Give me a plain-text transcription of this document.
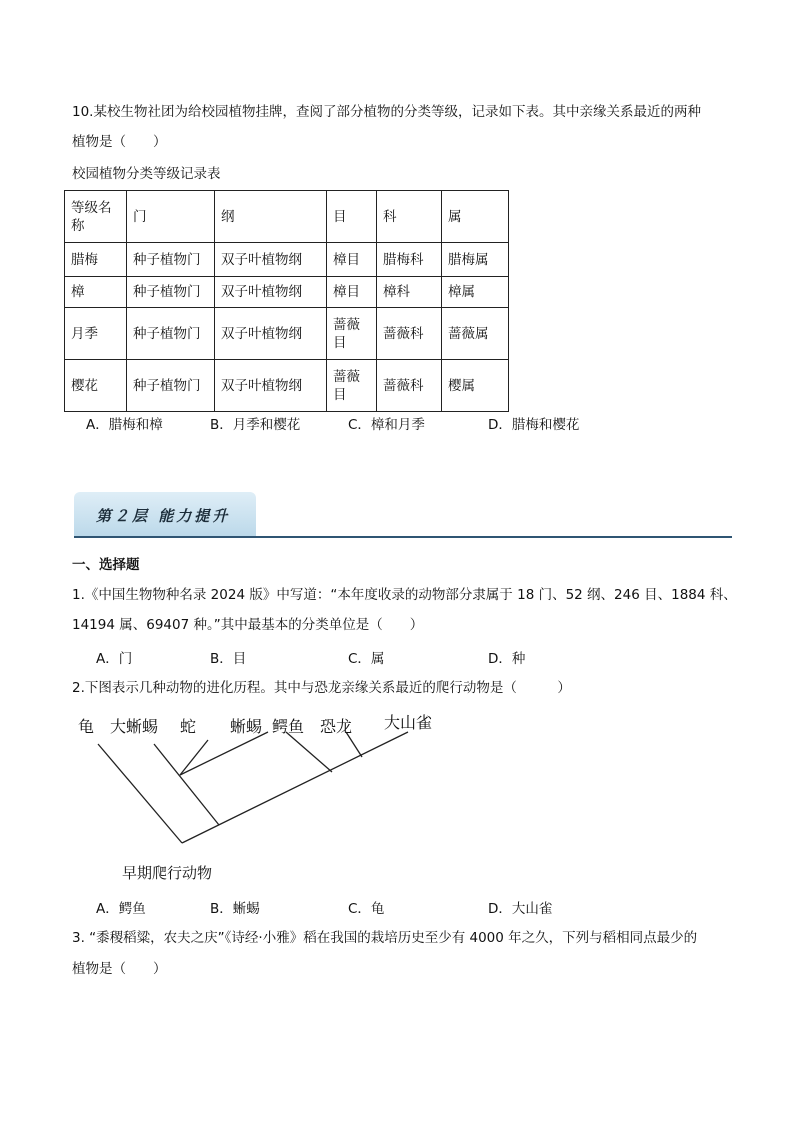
10.某校生物社团为给校园植物挂牌，查阅了部分植物的分类等级，记录如下表。其中亲缘关系最近的两种
植物是（　　）
校园植物分类等级记录表
等级名称	门	纲	目	科	属
腊梅	种子植物门	双子叶植物纲	樟目	腊梅科	腊梅属
樟	种子植物门	双子叶植物纲	樟目	樟科	樟属
月季	种子植物门	双子叶植物纲	蔷薇目	蔷薇科	蔷薇属
樱花	种子植物门	双子叶植物纲	蔷薇目	蔷薇科	樱属
A．腊梅和樟	B．月季和樱花	C．樟和月季	D．腊梅和樱花
第２层 能力提升
一、选择题
1.《中国生物物种名录 2024 版》中写道：“本年度收录的动物部分隶属于 18 门、52 纲、246 目、1884 科、
14194 属、69407 种。”其中最基本的分类单位是（　　）
A．门	B．目	C．属	D．种
2.下图表示几种动物的进化历程。其中与恐龙亲缘关系最近的爬行动物是（　　　）
龟 大蜥蜴 蛇 蜥蜴 鳄鱼 恐龙 大山雀
早期爬行动物
A．鳄鱼	B．蜥蜴	C．龟	D．大山雀
3. “黍稷稻粱，农夫之庆”《诗经·小雅》稻在我国的栽培历史至少有 4000 年之久，下列与稻相同点最少的
植物是（　　）
